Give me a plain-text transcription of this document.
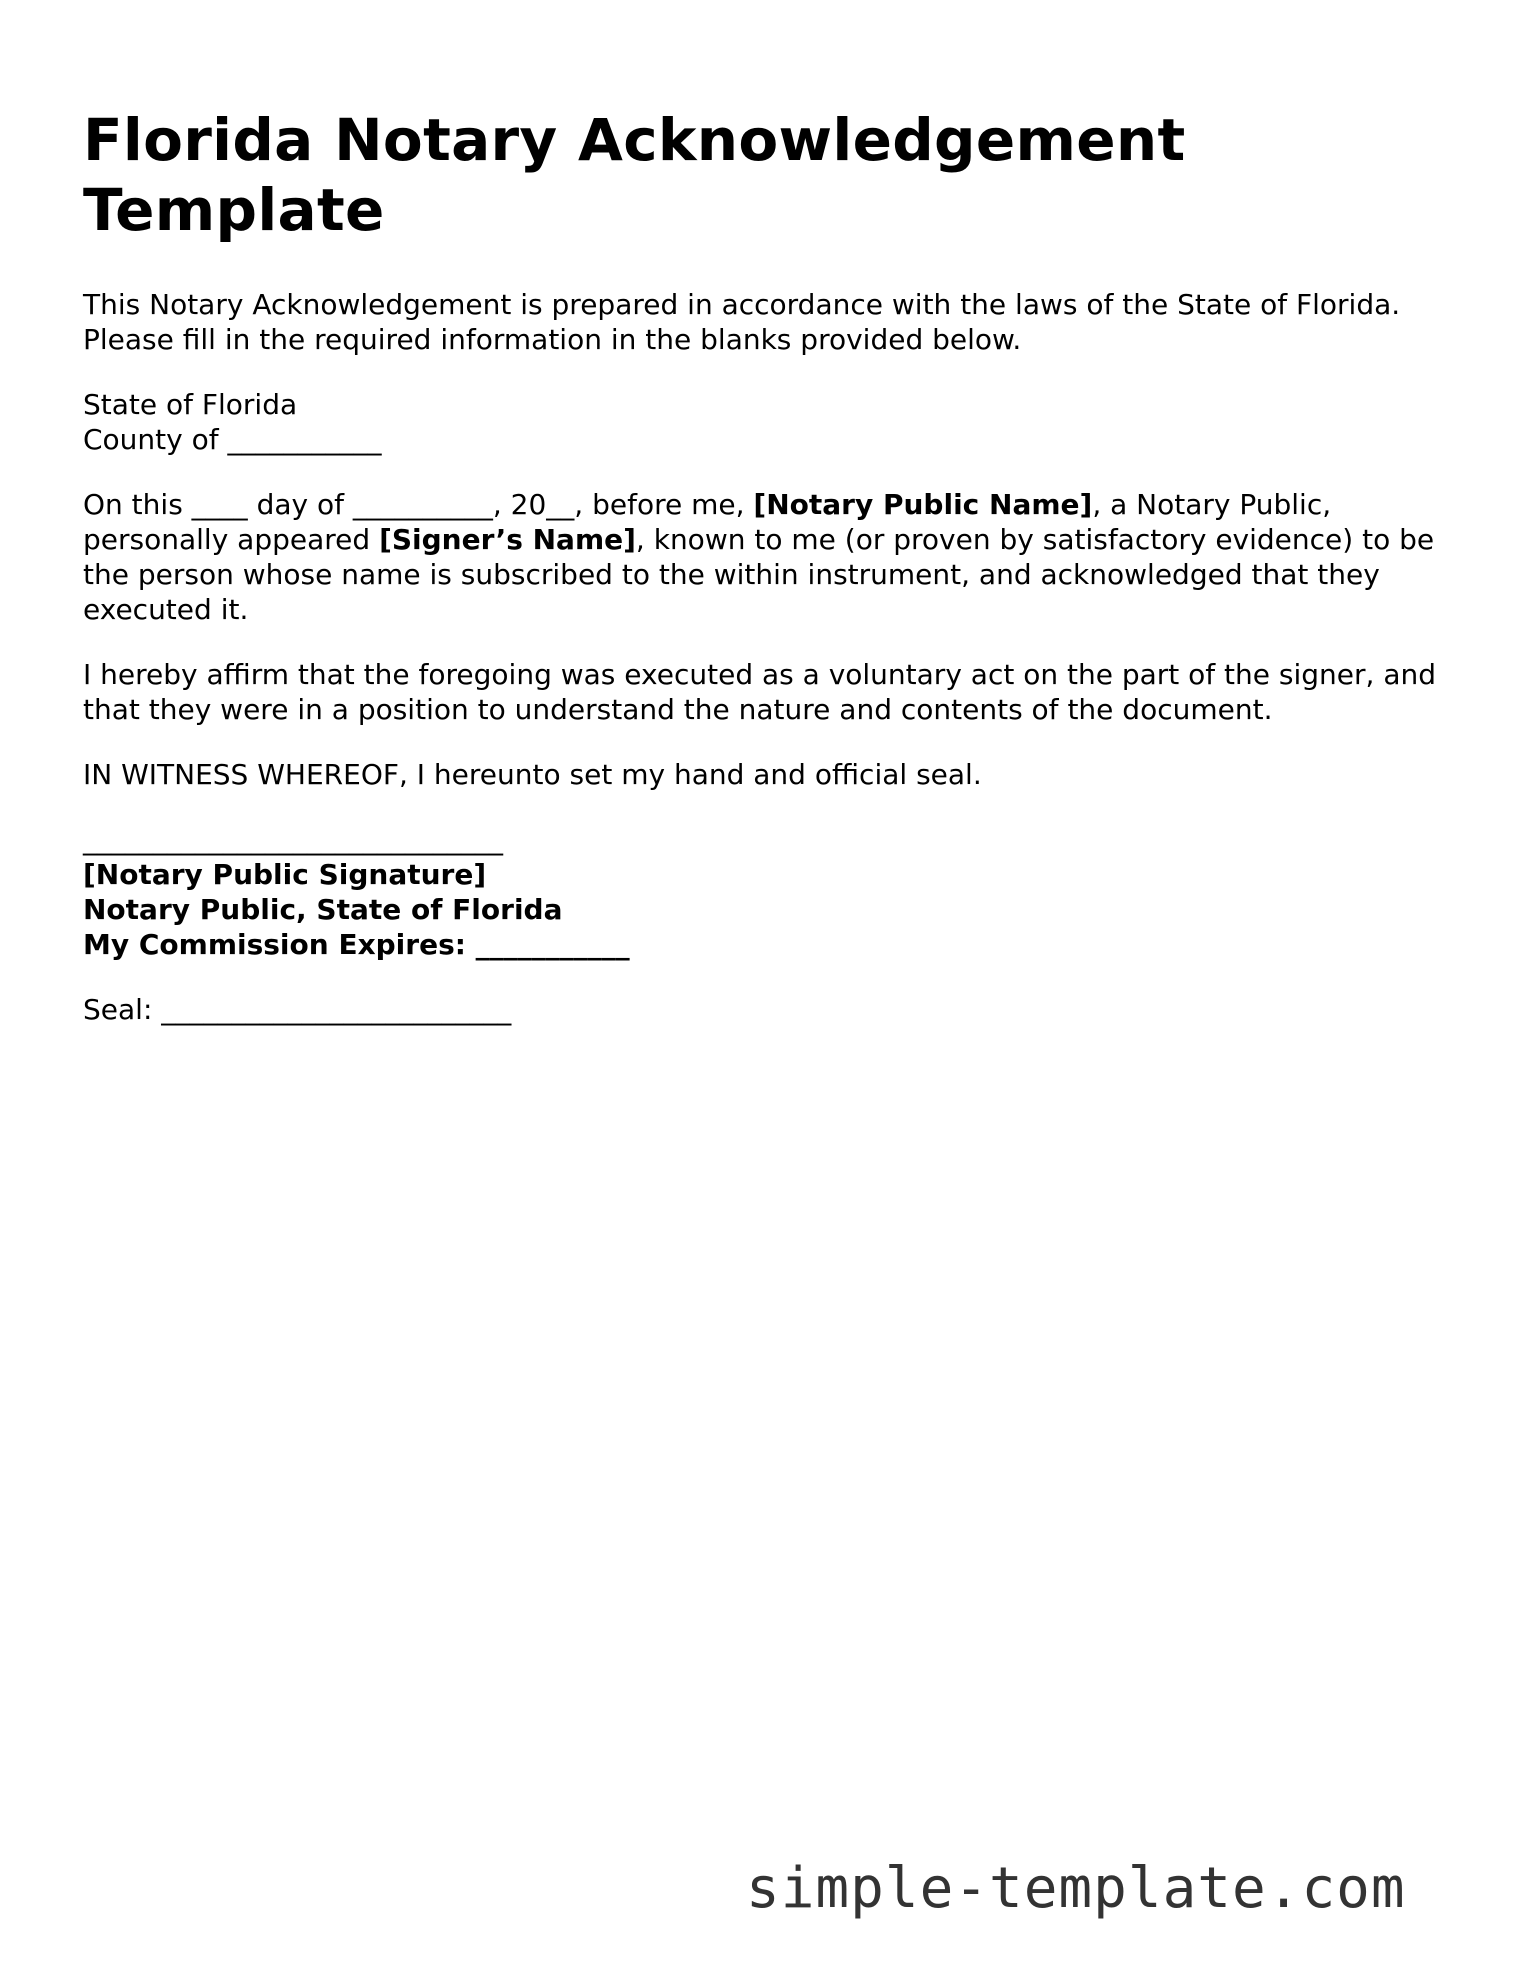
Florida Notary Acknowledgement Template

This Notary Acknowledgement is prepared in accordance with the laws of the State of Florida. Please fill in the required information in the blanks provided below.

State of Florida

County of ___________

On this ____ day of __________, 20__, before me, [Notary Public Name], a Notary Public, personally appeared [Signer’s Name], known to me (or proven by satisfactory evidence) to be the person whose name is subscribed to the within instrument, and acknowledged that they executed it.

I hereby affirm that the foregoing was executed as a voluntary act on the part of the signer, and that they were in a position to understand the nature and contents of the document.

IN WITNESS WHEREOF, I hereunto set my hand and official seal.

______________________________

[Notary Public Signature]

Notary Public, State of Florida

My Commission Expires: ___________

Seal: _________________________

simple-template.com
